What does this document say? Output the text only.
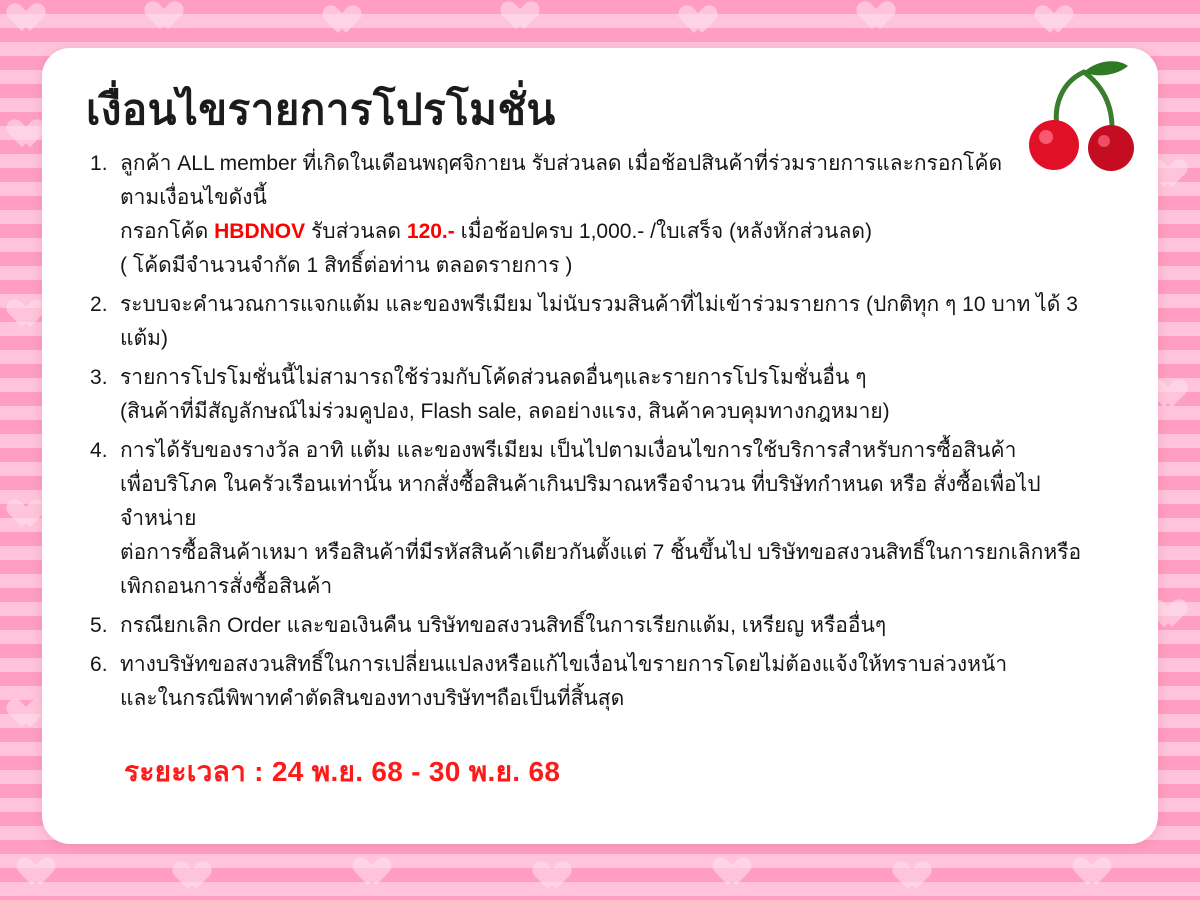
เงื่อนไขรายการโปรโมชั่น
ลูกค้า ALL member ที่เกิดในเดือนพฤศจิกายน รับส่วนลด เมื่อช้อปสินค้าที่ร่วมรายการและกรอกโค้ด
ตามเงื่อนไขดังนี้
กรอกโค้ด HBDNOV รับส่วนลด 120.- เมื่อช้อปครบ 1,000.- /ใบเสร็จ (หลังหักส่วนลด)
( โค้ดมีจำนวนจำกัด 1 สิทธิ์ต่อท่าน ตลอดรายการ )
ระบบจะคำนวณการแจกแต้ม และของพรีเมียม ไม่นับรวมสินค้าที่ไม่เข้าร่วมรายการ (ปกติทุก ๆ 10 บาท ได้ 3 แต้ม)
รายการโปรโมชั่นนี้ไม่สามารถใช้ร่วมกับโค้ดส่วนลดอื่นๆและรายการโปรโมชั่นอื่น ๆ
(สินค้าที่มีสัญลักษณ์ไม่ร่วมคูปอง, Flash sale, ลดอย่างแรง, สินค้าควบคุมทางกฎหมาย)
การได้รับของรางวัล อาทิ แต้ม และของพรีเมียม เป็นไปตามเงื่อนไขการใช้บริการสำหรับการซื้อสินค้า
เพื่อบริโภค ในครัวเรือนเท่านั้น หากสั่งซื้อสินค้าเกินปริมาณหรือจำนวน ที่บริษัทกำหนด หรือ สั่งซื้อเพื่อไปจำหน่าย
ต่อการซื้อสินค้าเหมา หรือสินค้าที่มีรหัสสินค้าเดียวกันตั้งแต่ 7 ชิ้นขึ้นไป บริษัทขอสงวนสิทธิ์ในการยกเลิกหรือ
เพิกถอนการสั่งซื้อสินค้า
กรณียกเลิก Order และขอเงินคืน บริษัทขอสงวนสิทธิ์ในการเรียกแต้ม, เหรียญ หรืออื่นๆ
ทางบริษัทขอสงวนสิทธิ์ในการเปลี่ยนแปลงหรือแก้ไขเงื่อนไขรายการโดยไม่ต้องแจ้งให้ทราบล่วงหน้า
และในกรณีพิพาทคำตัดสินของทางบริษัทฯถือเป็นที่สิ้นสุด
ระยะเวลา : 24 พ.ย. 68 - 30 พ.ย. 68
